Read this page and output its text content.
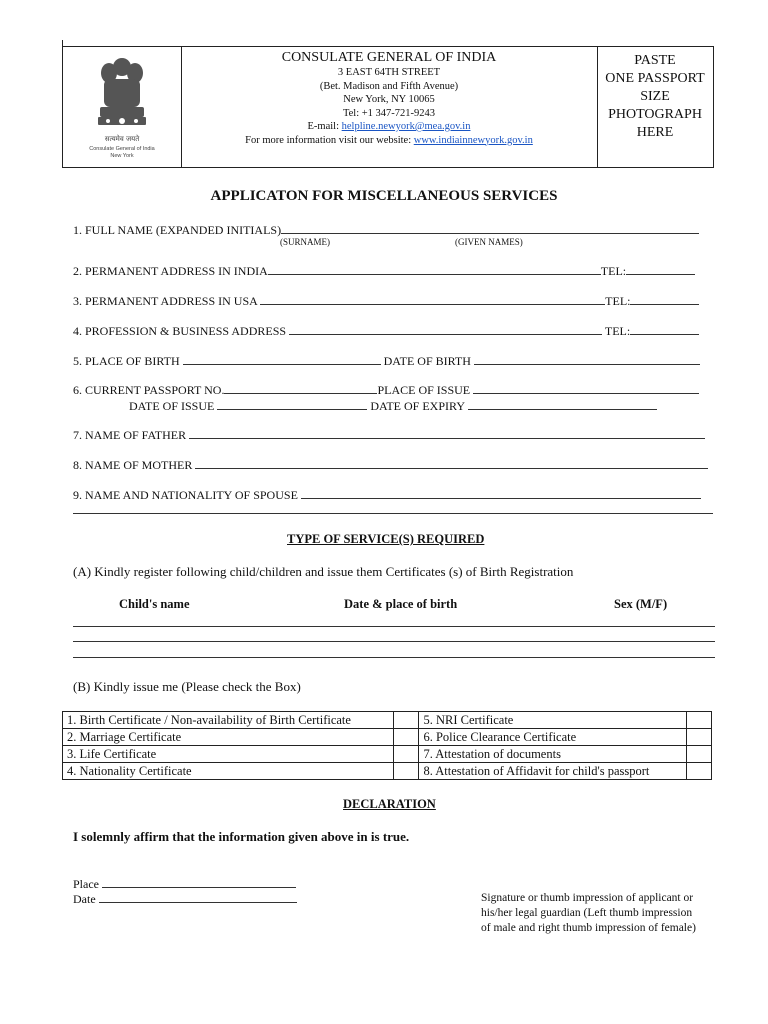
सत्यमेव जयते
Consulate General of India
New York
CONSULATE GENERAL OF INDIA
3 EAST 64TH STREET
(Bet. Madison and Fifth Avenue)
New York, NY 10065
Tel: +1 347-721-9243
E-mail: helpline.newyork@mea.gov.in
For more information visit our website: www.indiainnewyork.gov.in
PASTE
ONE PASSPORT
SIZE
PHOTOGRAPH
HERE
APPLICATON FOR MISCELLANEOUS SERVICES
1. FULL NAME (EXPANDED INITIALS)
(SURNAME)	(GIVEN NAMES)
2. PERMANENT ADDRESS IN INDIA	TEL:
3. PERMANENT ADDRESS IN USA	TEL:
4. PROFESSION & BUSINESS ADDRESS	TEL:
5. PLACE OF BIRTH	DATE OF BIRTH
6. CURRENT PASSPORT NO.	PLACE OF ISSUE
DATE OF ISSUE	DATE OF EXPIRY
7. NAME OF FATHER
8. NAME OF MOTHER
9. NAME AND NATIONALITY OF SPOUSE
TYPE OF SERVICE(S) REQUIRED
(A) Kindly register following child/children and issue them Certificates (s) of Birth Registration
Child's name	Date & place of birth	Sex (M/F)
(B) Kindly issue me (Please check the Box)
1. Birth Certificate / Non-availability of Birth Certificate		5. NRI Certificate	
2. Marriage Certificate		6. Police Clearance Certificate	
3. Life Certificate		7. Attestation of documents	
4. Nationality Certificate		8. Attestation of Affidavit for child's passport	
DECLARATION
I solemnly affirm that the information given above in is true.
Place
Date	Signature or thumb impression of applicant or
his/her legal guardian (Left thumb impression
of male and right thumb impression of female)
